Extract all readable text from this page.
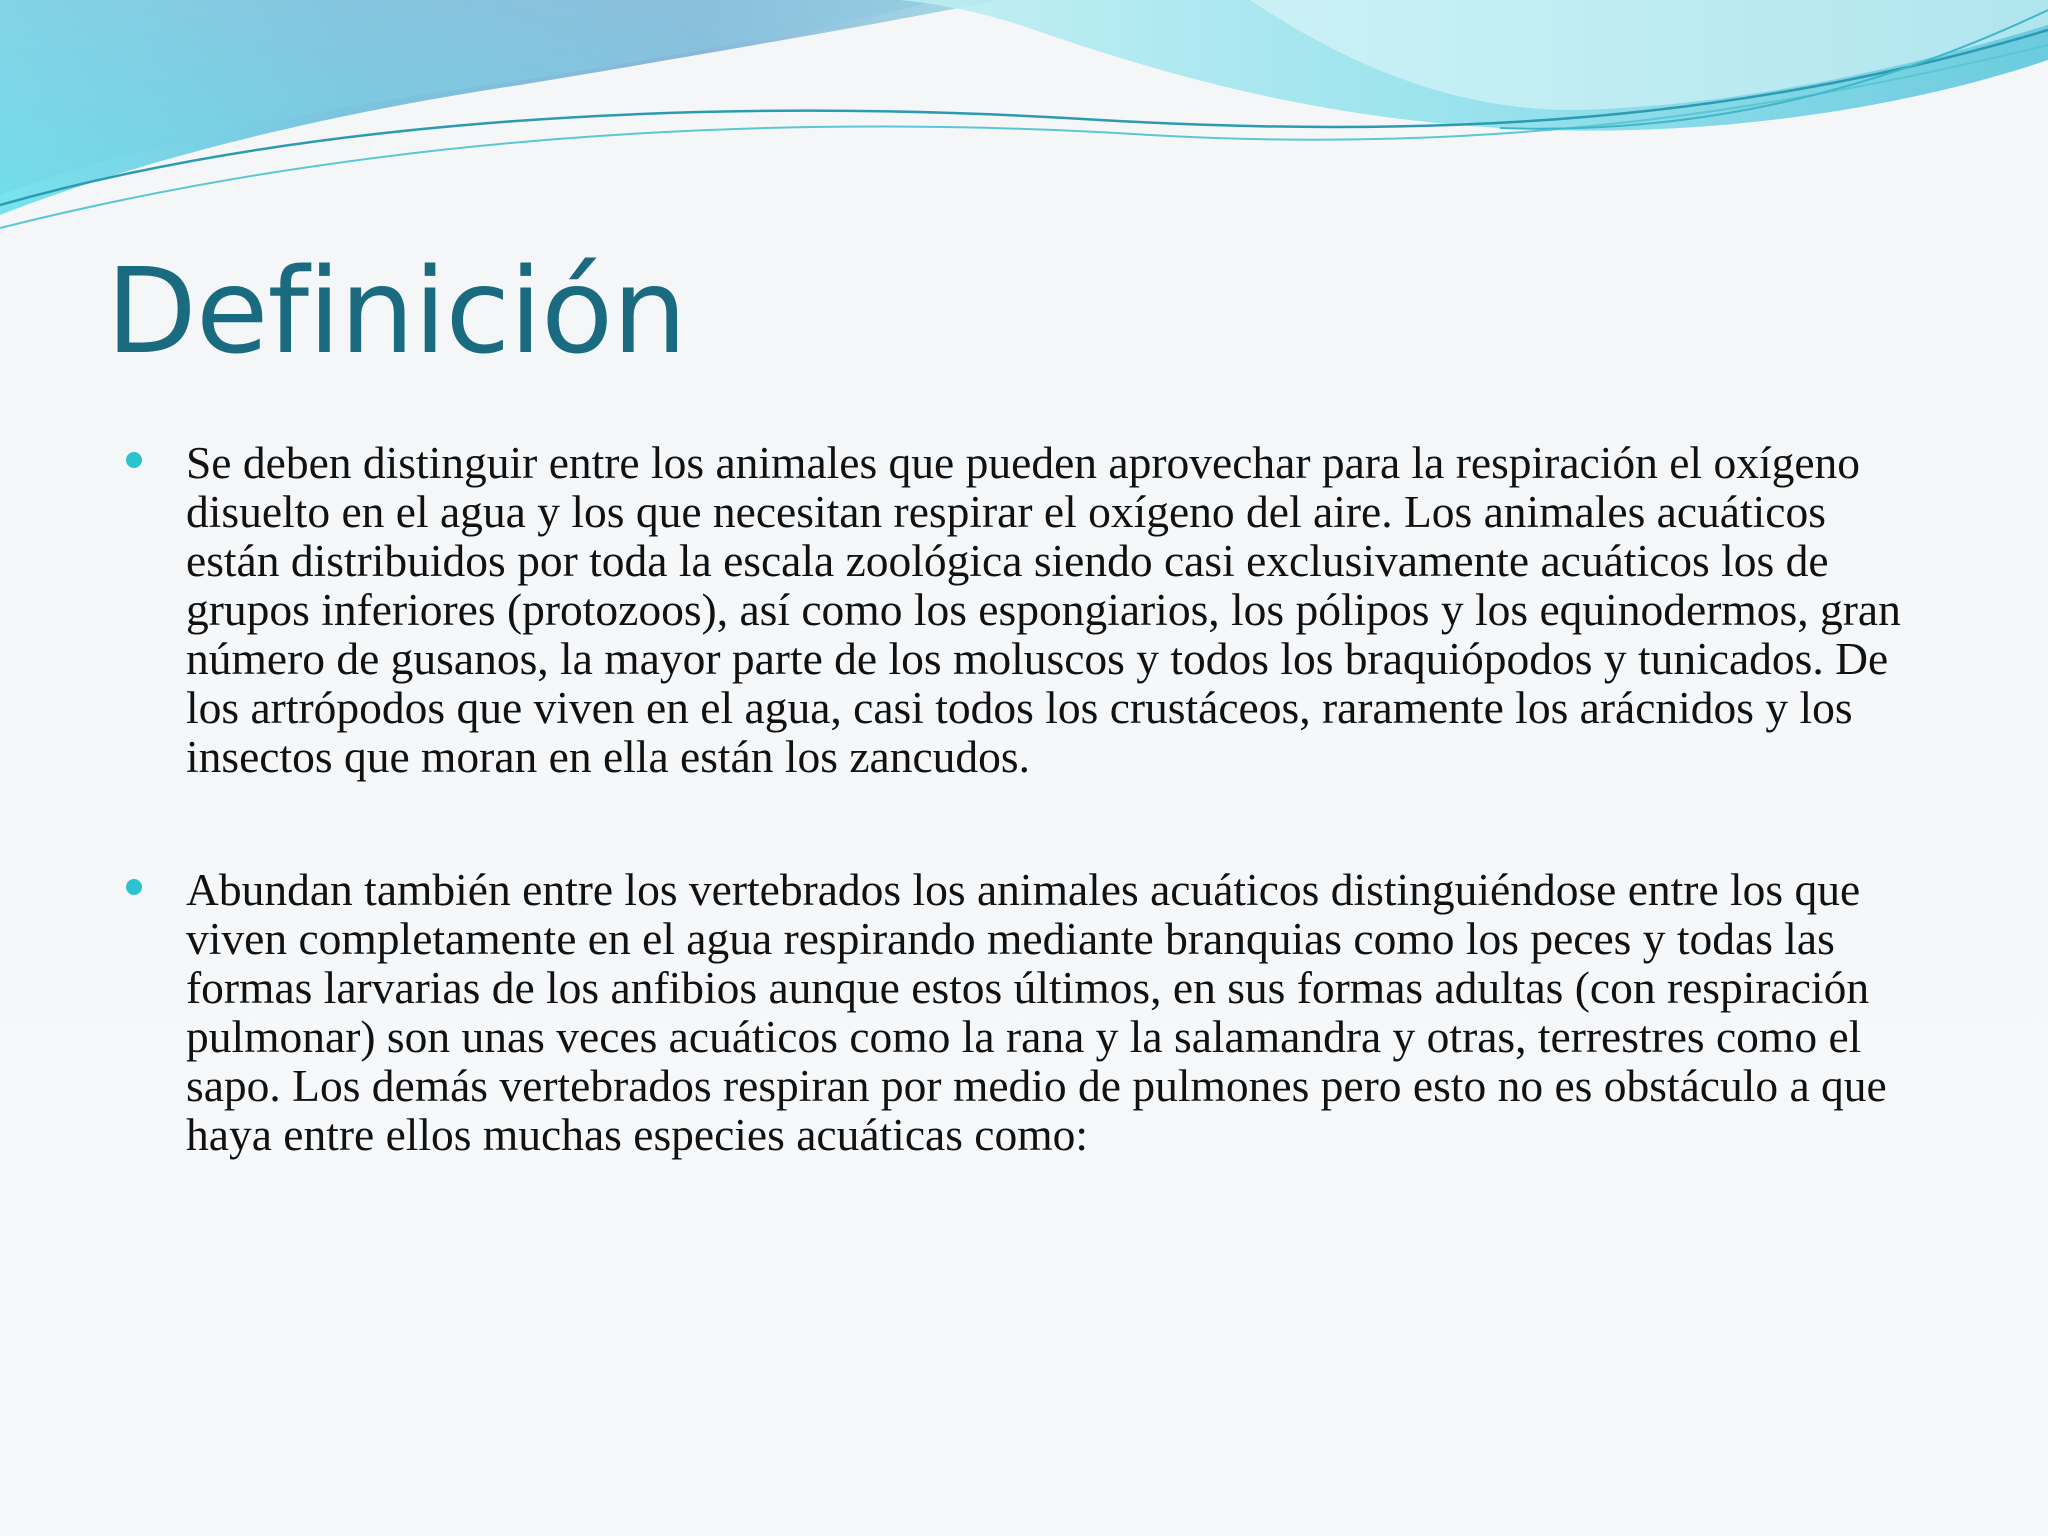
Definición

Se deben distinguir entre los animales que pueden aprovechar para la respiración el oxígeno disuelto en el agua y los que necesitan respirar el oxígeno del aire. Los animales acuáticos están distribuidos por toda la escala zoológica siendo casi exclusivamente acuáticos los de grupos inferiores (protozoos), así como los espongiarios, los pólipos y los equinodermos, gran número de gusanos, la mayor parte de los moluscos y todos los braquiópodos y tunicados. De los artrópodos que viven en el agua, casi todos los crustáceos, raramente los arácnidos y los insectos que moran en ella están los zancudos.

Abundan también entre los vertebrados los animales acuáticos distinguiéndose entre los que viven completamente en el agua respirando mediante branquias como los peces y todas las formas larvarias de los anfibios aunque estos últimos, en sus formas adultas (con respiración pulmonar) son unas veces acuáticos como la rana y la salamandra y otras, terrestres como el sapo. Los demás vertebrados respiran por medio de pulmones pero esto no es obstáculo a que haya entre ellos muchas especies acuáticas como:
